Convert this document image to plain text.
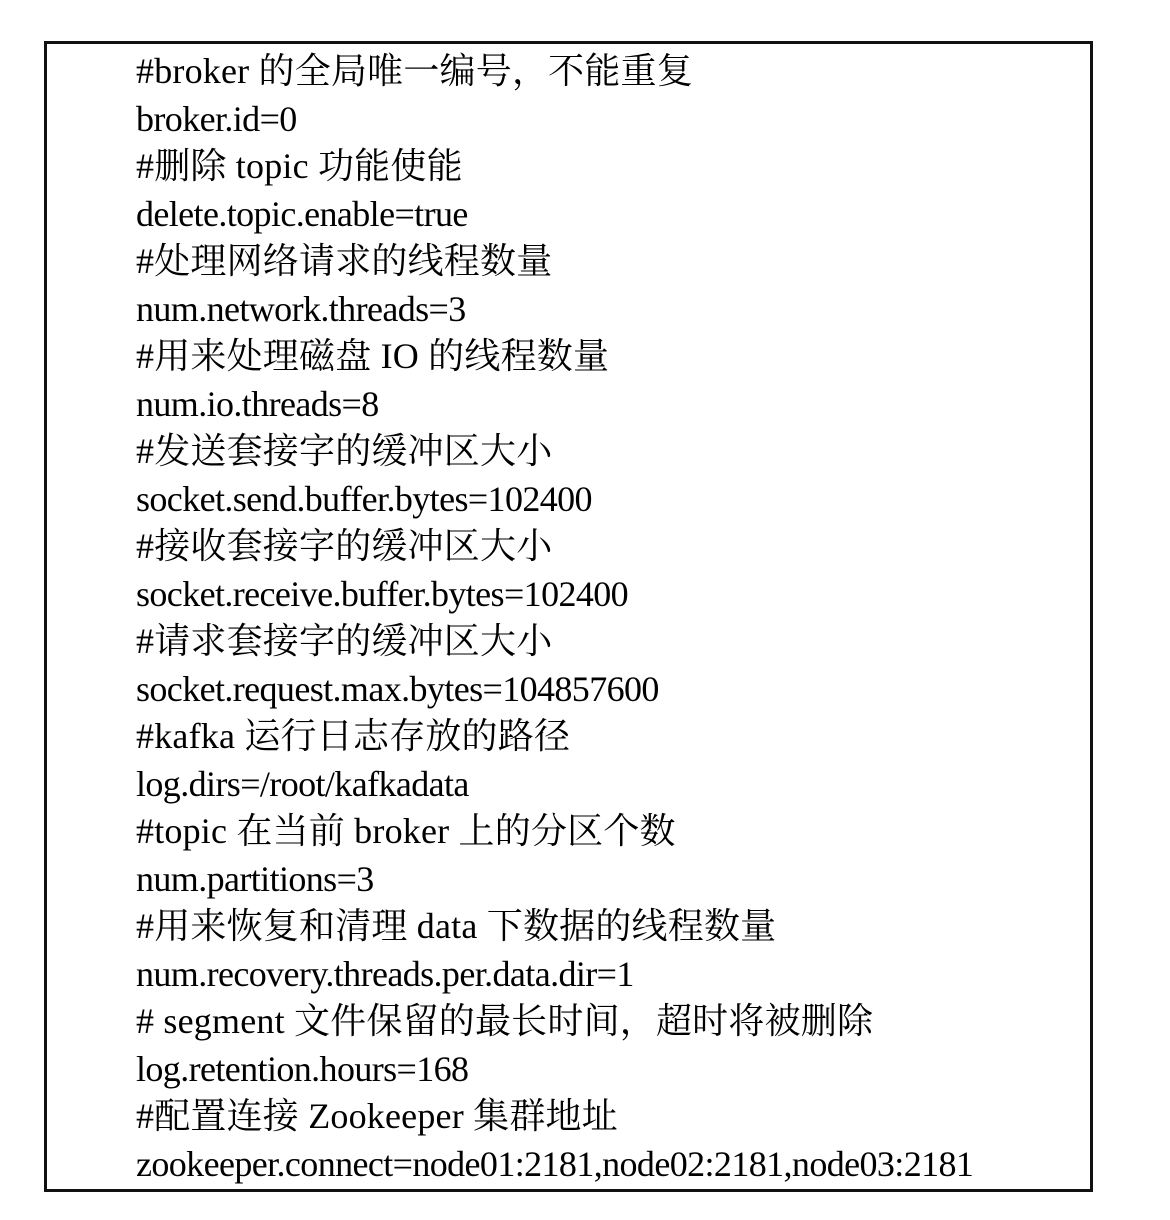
#broker 的全局唯一编号，不能重复
broker.id=0
#删除 topic 功能使能
delete.topic.enable=true
#处理网络请求的线程数量
num.network.threads=3
#用来处理磁盘 IO 的线程数量
num.io.threads=8
#发送套接字的缓冲区大小
socket.send.buffer.bytes=102400
#接收套接字的缓冲区大小
socket.receive.buffer.bytes=102400
#请求套接字的缓冲区大小
socket.request.max.bytes=104857600
#kafka 运行日志存放的路径
log.dirs=/root/kafkadata
#topic 在当前 broker 上的分区个数
num.partitions=3
#用来恢复和清理 data 下数据的线程数量
num.recovery.threads.per.data.dir=1
# segment 文件保留的最长时间，超时将被删除
log.retention.hours=168
#配置连接 Zookeeper 集群地址
zookeeper.connect=node01:2181,node02:2181,node03:2181
